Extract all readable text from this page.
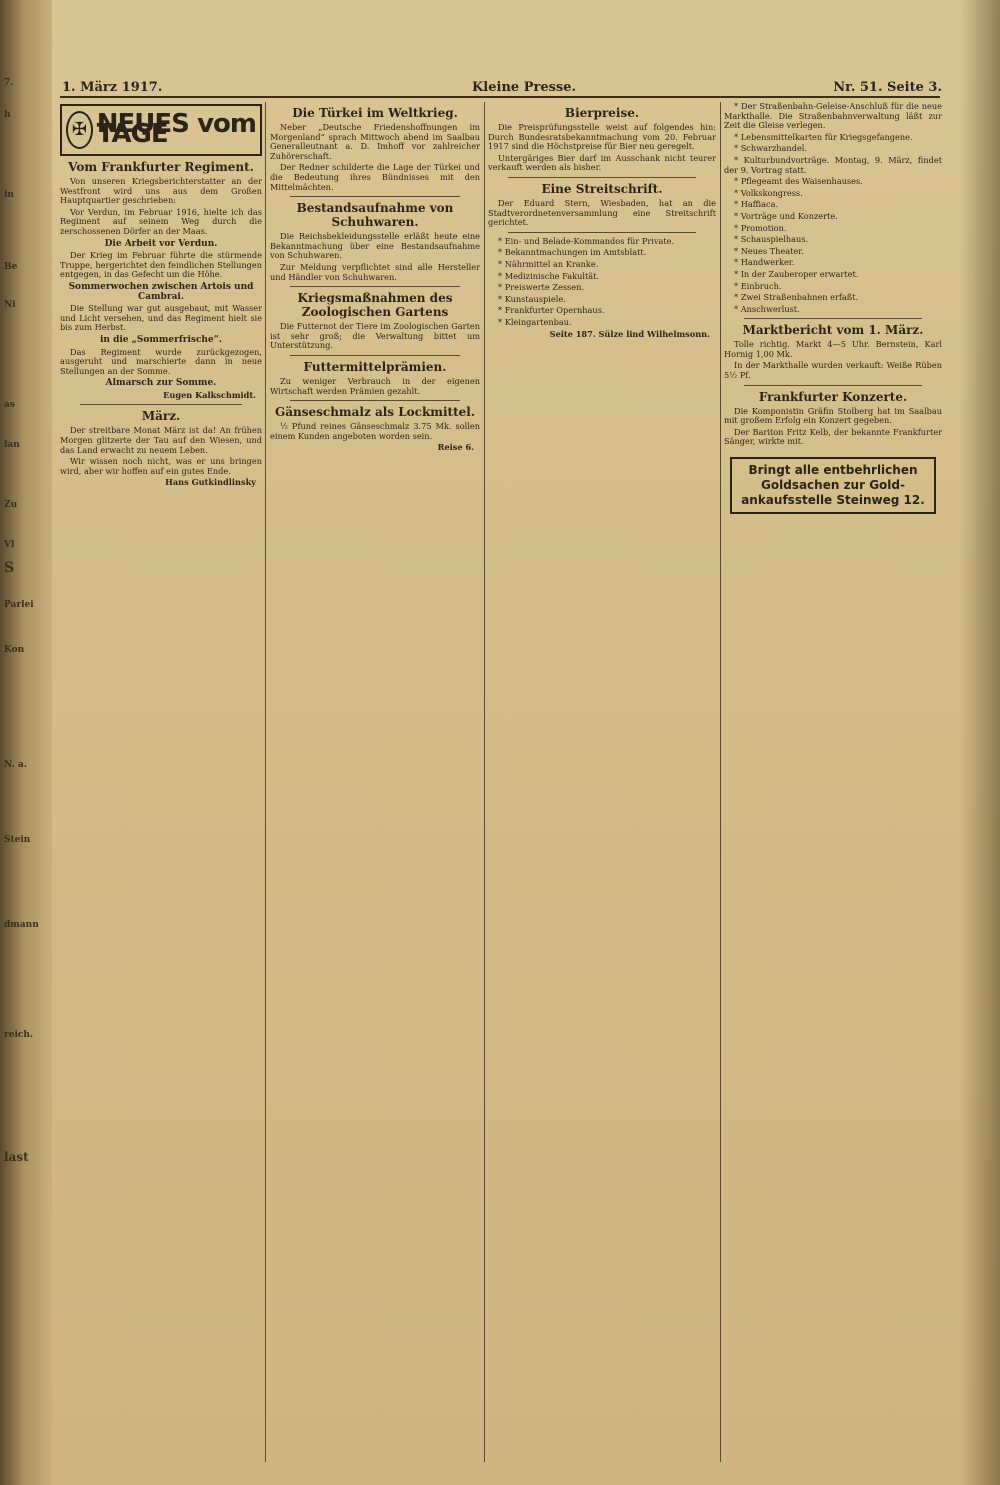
7.
h
in
Be
Ni
as
lan
Zu
Vl
S
Parlei
Kon
N. a.
Stein
dmann
reich.
last
1. März 1917.	Kleine Presse.	Nr. 51. Seite 3.
✠ NEUES vom TAGE
Vom Frankfurter Regiment.

Von unseren Kriegsberichterstatter an der Westfront wird uns aus dem Großen Hauptquartier geschrieben:

Vor Verdun, im Februar 1916, hielte ich das Regiment auf seinem Weg durch die zerschossenen Dörfer an der Maas.

Die Arbeit vor Verdun.

Der Krieg im Februar führte die stürmende Truppe, hergerichtet den feindlichen Stellungen entgegen, in das Gefecht um die Höhe.

Sommerwochen zwischen Artois und Cambrai.

Die Stellung war gut ausgebaut, mit Wasser und Licht versehen, und das Regiment hielt sie bis zum Herbst.

in die „Sommerfrische“.

Das Regiment wurde zurückgezogen, ausgeruht und marschierte dann in neue Stellungen an der Somme.

Almarsch zur Somme.
Eugen Kalkschmidt.
März.

Der streitbare Monat März ist da! An frühen Morgen glitzerte der Tau auf den Wiesen, und das Land erwacht zu neuem Leben.

Wir wissen noch nicht, was er uns bringen wird, aber wir hoffen auf ein gutes Ende.

Hans Gutkindlinsky
Die Türkei im Weltkrieg.

Neber „Deutsche Friedenshoffnungen im Morgenland“ sprach Mittwoch abend im Saalbau Generalleutnant a. D. Imhoff vor zahlreicher Zuhörerschaft.

Der Redner schilderte die Lage der Türkei und die Bedeutung ihres Bündnisses mit den Mittelmächten.

Bestandsaufnahme von Schuhwaren.

Die Reichsbekleidungsstelle erläßt heute eine Bekanntmachung über eine Bestandsaufnahme von Schuhwaren.

Zur Meldung verpflichtet sind alle Hersteller und Händler von Schuhwaren.

Kriegsmaßnahmen des Zoologischen Gartens

Die Futternot der Tiere im Zoologischen Garten ist sehr groß; die Verwaltung bittet um Unterstützung.

Futtermittelprämien.

Zu weniger Verbrauch in der eigenen Wirtschaft werden Prämien gezahlt.

Gänseschmalz als Lockmittel.

½ Pfund reines Gänseschmalz 3.75 Mk. sollen einem Kunden angeboten worden sein.

Reise 6.
Bierpreise.

Die Preisprüfungsstelle weist auf folgendes hin: Durch Bundesratsbekanntmachung vom 20. Februar 1917 sind die Höchstpreise für Bier neu geregelt.

Untergäriges Bier darf im Ausschank nicht teurer verkauft werden als bisher.

Eine Streitschrift.

Der Eduard Stern, Wiesbaden, hat an die Stadtverordnetenversammlung eine Streitschrift gerichtet.

* Ein- und Belade-Kommandos für Private.

* Bekanntmachungen im Amtsblatt.

* Nährmittel an Kranke.

* Medizinische Fakultät.

* Preiswerte Zessen.

* Kunstauspiele.

* Frankfurter Opernhaus.

* Kleingartenbau.

Seite 187. Sülze lind Wilhelmsonn.

* Der Straßenbahn-Geleise-Anschluß für die neue Markthalle. Die Straßenbahnverwaltung läßt zur Zeit die Gleise verlegen.

* Lebensmittelkarten für Kriegsgefangene.

* Schwarzhandel.

* Kulturbundvorträge. Montag, 9. März, findet der 9. Vortrag statt.

* Pflegeamt des Waisenhauses.

* Volkskongress.

* Haffiaca.

* Vorträge und Konzerte.

* Promotion.

* Schauspielhaus.

* Neues Theater.

* Handwerker.

* In der Zauberoper erwartet.

* Einbruch.

* Zwei Straßenbahnen erfaßt.

* Anschwerlust.

Marktbericht vom 1. März.

Tolle richtig. Markt 4—5 Uhr. Bernstein, Karl Hornig 1,00 Mk.

In der Markthalle wurden verkauft: Weiße Rüben 5½ Pf.

Frankfurter Konzerte.

Die Komponistin Gräfin Stolberg hat im Saalbau mit großem Erfolg ein Konzert gegeben.

Der Bariton Fritz Kelb, der bekannte Frankfurter Sänger, wirkte mit.

Bringt alle entbehrlichen Goldsachen zur Gold-ankaufsstelle Steinweg 12.
